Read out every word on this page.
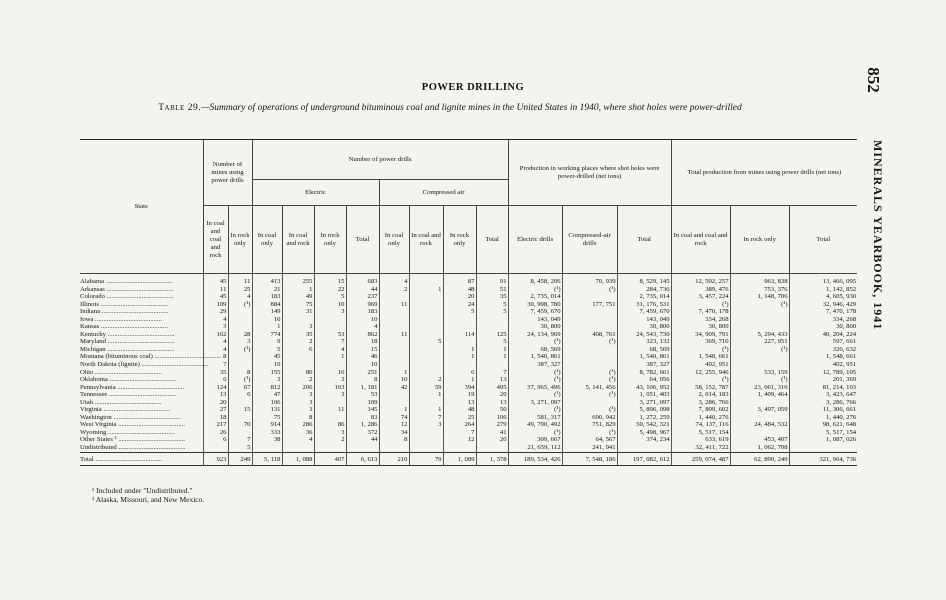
POWER DRILLING	852
MINERALS YEARBOOK, 1941
Table 29.—Summary of operations of underground bituminous coal and lignite mines in the United States in 1940, where shot holes were power-drilled
State	Number of mines using power drills		Number of power drills								Production in working places where shot holes were power-drilled (net tons)			Total production from mines using power drills (net tons)		
			Electric				Compressed air									
	In coal and coal and rock	In rock only	In coal only	In coal and rock	In rock only	Total	In coal only	In coal and rock	In rock only	Total	Electric drills	Compressed-air drills	Total	In coal and coal and rock	In rock only	Total
Alabama ........................................	45	11	413	255	15	683	4		87	91	8, 458, 206	70, 939	8, 529, 145	12, 502, 257	963, 838	13, 466, 095
Arkansas ........................................	11	25	21	1	22	44	2	1	48	51	(¹)	(¹)	284, 736	389, 476	753, 376	1, 142, 852
Colorado ........................................	45	4	183	49	5	237			20	35	2, 735, 014		2, 735, 014	3, 457, 224	1, 148, 706	4, 605, 930
Illinois ........................................	109	(¹)	884	75	10	969	11		24	5	30, 998, 780	177, 751	31, 176, 531	(¹)	(¹)	32, 946, 429
Indiana ........................................	29		149	31	3	183			5	5	7, 459, 670		7, 459, 670	7, 470, 178		7, 470, 178
Iowa ........................................	4		10			10					143, 049		143, 049	334, 268		334, 268
Kansas ........................................	3		1	3		4					30, 800		30, 800	30, 800		30, 800
Kentucky ........................................	162	28	774	35	53	862	11		114	125	24, 134, 969	408, 761	24, 543, 730	34, 909, 791	5, 294, 433	40, 204, 224
Maryland ........................................	4	3	9	2	7	18		5		5	(¹)	(¹)	323, 132	369, 710	227, 951	597, 661
Michigan ........................................	4	(¹)	5	6	4	15			1	1	68, 569		68, 569	(¹)	(¹)	326, 632
Montana (bituminous coal) ........................................	8		45		1	46			1	1	1, 540, 861		1, 540, 861	1, 548, 661		1, 548, 661
North Dakota (lignite) ........................................	7		10			10					387, 327		387, 327	402, 951		402, 951
Ohio ........................................	35	8	155	80	16	251	1		6	7	(¹)	(¹)	8, 782, 661	12, 255, 946	533, 159	12, 789, 105
Oklahoma ........................................	6	(¹)	3	2	3	8	10	2	1	13	(¹)	(¹)	64, 056	(¹)	(¹)	201, 369
Pennsylvania ........................................	124	67	812	206	163	1, 181	42	59	394	495	37, 965, 496	5, 141, 456	43, 106, 952	58, 152, 787	23, 061, 316	81, 214, 103
Tennessee ........................................	13	6	47	3	3	53		1	19	20	(¹)	(¹)	1, 051, 403	2, 014, 183	1, 409, 464	3, 423, 647
Utah ........................................	20		106	3		109			13	13	3, 271, 097		3, 271, 097	3, 286, 766		3, 286, 766
Virginia ........................................	27	15	131	3	11	145	1	1	48	50	(¹)	(¹)	5, 896, 098	7, 809, 602	3, 497, 059	11, 306, 661
Washington ........................................	18		75	8		83	74	7	25	106	581, 317	690, 942	1, 272, 259	1, 440, 276		1, 440, 276
West Virginia ........................................	217	70	914	286	86	1, 286	12	3	264	279	49, 790, 492	751, 829	50, 542, 321	74, 137, 116	24, 484, 532	98, 621, 648
Wyoming ........................................	26		333	36	3	372	34		7	41	(¹)	(¹)	5, 498, 967	5, 517, 154		5, 517, 154
Other States ² ........................................	6	7	38	4	2	44	8		12	20	309, 667	64, 567	374, 234	633, 619	453, 407	1, 087, 026
Undistributed ........................................		5									21, 659, 112	241, 941		32, 411, 722	1, 062, 708	
Total ........................................	923	249	5, 118	1, 088	407	6, 613	210	79	1, 089	1, 378	189, 534, 426	7, 548, 186	197, 082, 612	259, 074, 487	62, 890, 249	321, 964, 736
¹ Included under "Undistributed."
² Alaska, Missouri, and New Mexico.
